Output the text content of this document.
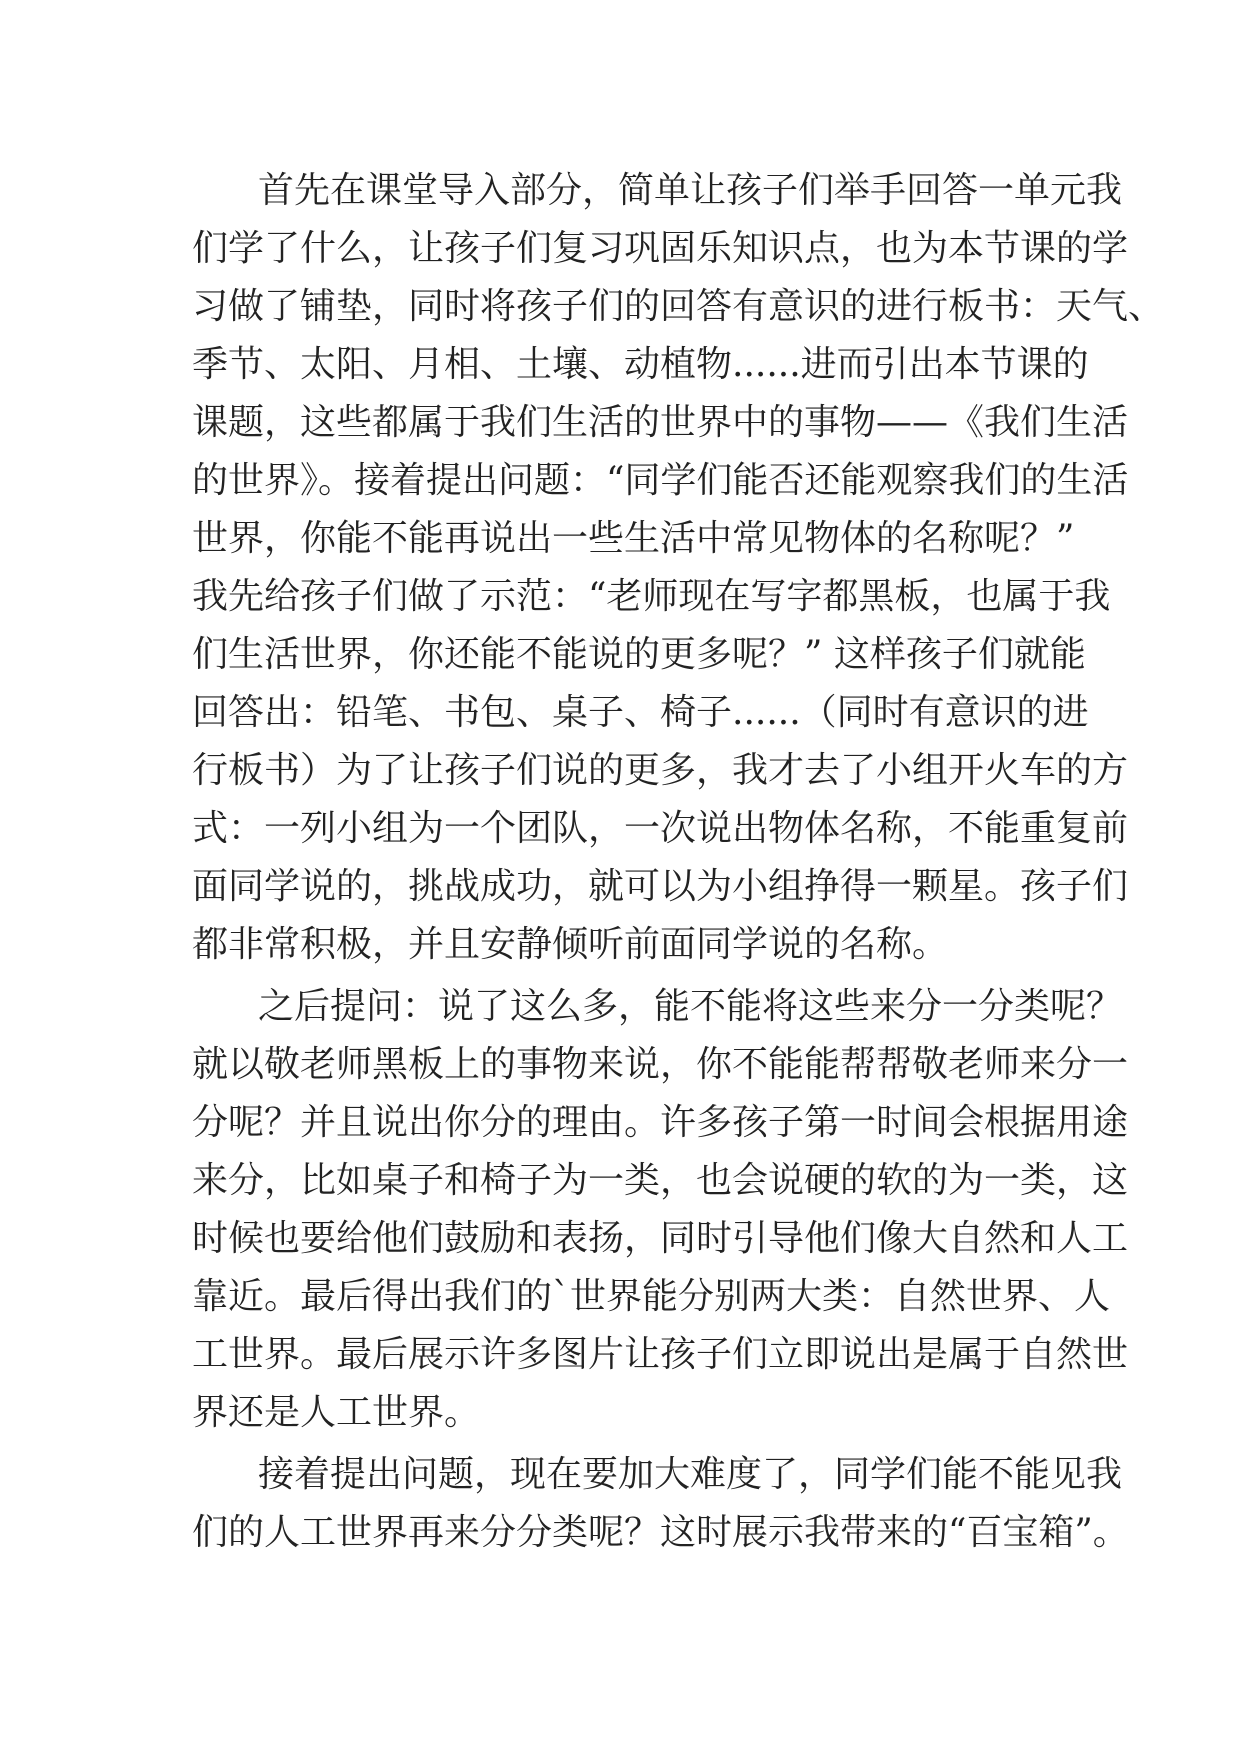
首先在课堂导入部分，简单让孩子们举手回答一单元我
们学了什么，让孩子们复习巩固乐知识点，也为本节课的学
习做了铺垫，同时将孩子们的回答有意识的进行板书：天气、
季节、太阳、月相、土壤、动植物......进而引出本节课的
课题，这些都属于我们生活的世界中的事物——《我们生活
的世界》。接着提出问题：“同学们能否还能观察我们的生活
世界，你能不能再说出一些生活中常见物体的名称呢？”
我先给孩子们做了示范：“老师现在写字都黑板，也属于我
们生活世界，你还能不能说的更多呢？” 这样孩子们就能
回答出：铅笔、书包、桌子、椅子......（同时有意识的进
行板书）为了让孩子们说的更多，我才去了小组开火车的方
式：一列小组为一个团队，一次说出物体名称，不能重复前
面同学说的，挑战成功，就可以为小组挣得一颗星。孩子们
都非常积极，并且安静倾听前面同学说的名称。
之后提问：说了这么多，能不能将这些来分一分类呢？
就以敬老师黑板上的事物来说，你不能能帮帮敬老师来分一
分呢？并且说出你分的理由。许多孩子第一时间会根据用途
来分，比如桌子和椅子为一类，也会说硬的软的为一类，这
时候也要给他们鼓励和表扬，同时引导他们像大自然和人工
靠近。最后得出我们的`世界能分别两大类：自然世界、人
工世界。最后展示许多图片让孩子们立即说出是属于自然世
界还是人工世界。
接着提出问题，现在要加大难度了，同学们能不能见我
们的人工世界再来分分类呢？这时展示我带来的“百宝箱”。
